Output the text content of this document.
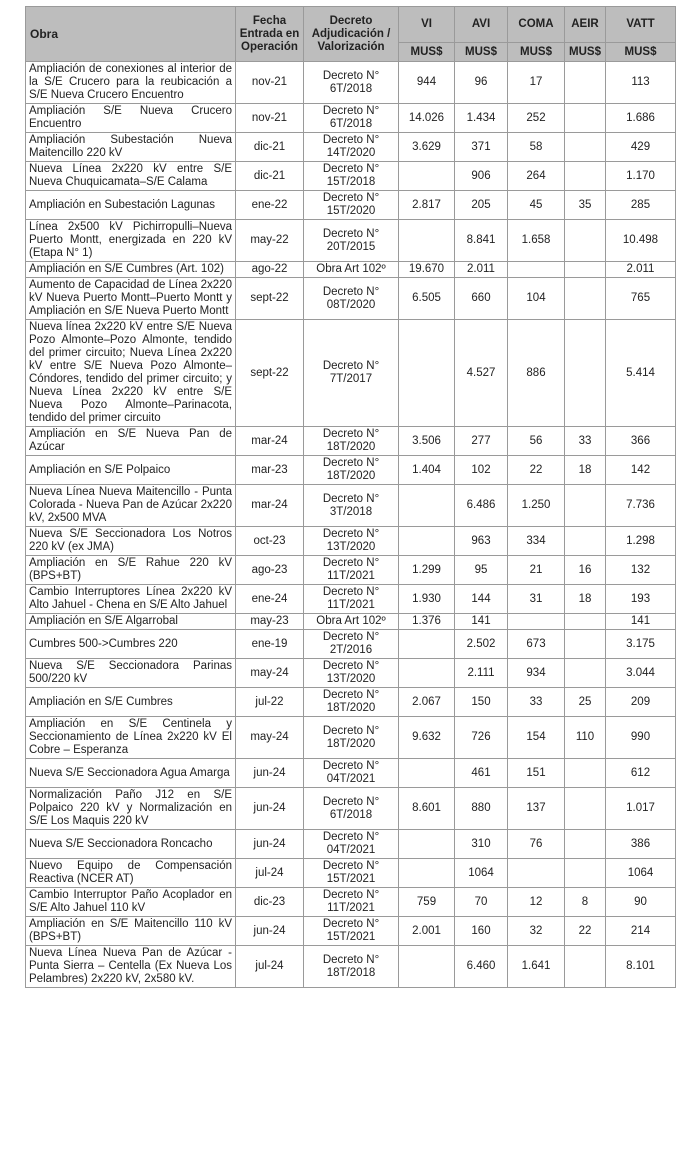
Obra	Fecha Entrada en Operación	Decreto Adjudicación / Valorización	VI	AVI	COMA	AEIR	VATT
			MUS$	MUS$	MUS$	MUS$	MUS$
Ampliación de conexiones al interior de la S/E Crucero para la reubicación a S/E Nueva Crucero Encuentro	nov-21	Decreto N° 6T/2018	944	96	17		113
Ampliación S/E Nueva Crucero Encuentro	nov-21	Decreto N° 6T/2018	14.026	1.434	252		1.686
Ampliación Subestación Nueva Maitencillo 220 kV	dic-21	Decreto N° 14T/2020	3.629	371	58		429
Nueva Línea 2x220 kV entre S/E Nueva Chuquicamata–S/E Calama	dic-21	Decreto N° 15T/2018		906	264		1.170
Ampliación en Subestación Lagunas	ene-22	Decreto N° 15T/2020	2.817	205	45	35	285
Línea 2x500 kV Pichirropulli–Nueva Puerto Montt, energizada en 220 kV (Etapa N° 1)	may-22	Decreto N° 20T/2015		8.841	1.658		10.498
Ampliación en S/E Cumbres (Art. 102)	ago-22	Obra Art 102º	19.670	2.011			2.011
Aumento de Capacidad de Línea 2x220 kV Nueva Puerto Montt–Puerto Montt y Ampliación en S/E Nueva Puerto Montt	sept-22	Decreto N° 08T/2020	6.505	660	104		765
Nueva línea 2x220 kV entre S/E Nueva Pozo Almonte–Pozo Almonte, tendido del primer circuito; Nueva Línea 2x220 kV entre S/E Nueva Pozo Almonte–Cóndores, tendido del primer circuito; y Nueva Línea 2x220 kV entre S/E Nueva Pozo Almonte–Parinacota, tendido del primer circuito	sept-22	Decreto N° 7T/2017		4.527	886		5.414
Ampliación en S/E Nueva Pan de Azúcar	mar-24	Decreto N° 18T/2020	3.506	277	56	33	366
Ampliación en S/E Polpaico	mar-23	Decreto N° 18T/2020	1.404	102	22	18	142
Nueva Línea Nueva Maitencillo - Punta Colorada - Nueva Pan de Azúcar 2x220 kV, 2x500 MVA	mar-24	Decreto N° 3T/2018		6.486	1.250		7.736
Nueva S/E Seccionadora Los Notros 220 kV (ex JMA)	oct-23	Decreto N° 13T/2020		963	334		1.298
Ampliación en S/E Rahue 220 kV (BPS+BT)	ago-23	Decreto N° 11T/2021	1.299	95	21	16	132
Cambio Interruptores Línea 2x220 kV Alto Jahuel - Chena en S/E Alto Jahuel	ene-24	Decreto N° 11T/2021	1.930	144	31	18	193
Ampliación en S/E Algarrobal	may-23	Obra Art 102º	1.376	141			141
Cumbres 500->Cumbres 220	ene-19	Decreto N° 2T/2016		2.502	673		3.175
Nueva S/E Seccionadora Parinas 500/220 kV	may-24	Decreto N° 13T/2020		2.111	934		3.044
Ampliación en S/E Cumbres	jul-22	Decreto N° 18T/2020	2.067	150	33	25	209
Ampliación en S/E Centinela y Seccionamiento de Línea 2x220 kV El Cobre – Esperanza	may-24	Decreto N° 18T/2020	9.632	726	154	110	990
Nueva S/E Seccionadora Agua Amarga	jun-24	Decreto N° 04T/2021		461	151		612
Normalización Paño J12 en S/E Polpaico 220 kV y Normalización en S/E Los Maquis 220 kV	jun-24	Decreto N° 6T/2018	8.601	880	137		1.017
Nueva S/E Seccionadora Roncacho	jun-24	Decreto N° 04T/2021		310	76		386
Nuevo Equipo de Compensación Reactiva (NCER AT)	jul-24	Decreto N° 15T/2021		1064			1064
Cambio Interruptor Paño Acoplador en S/E Alto Jahuel 110 kV	dic-23	Decreto N° 11T/2021	759	70	12	8	90
Ampliación en S/E Maitencillo 110 kV (BPS+BT)	jun-24	Decreto N° 15T/2021	2.001	160	32	22	214
Nueva Línea Nueva Pan de Azúcar - Punta Sierra – Centella (Ex Nueva Los Pelambres) 2x220 kV, 2x580 kV.	jul-24	Decreto N° 18T/2018		6.460	1.641		8.101
